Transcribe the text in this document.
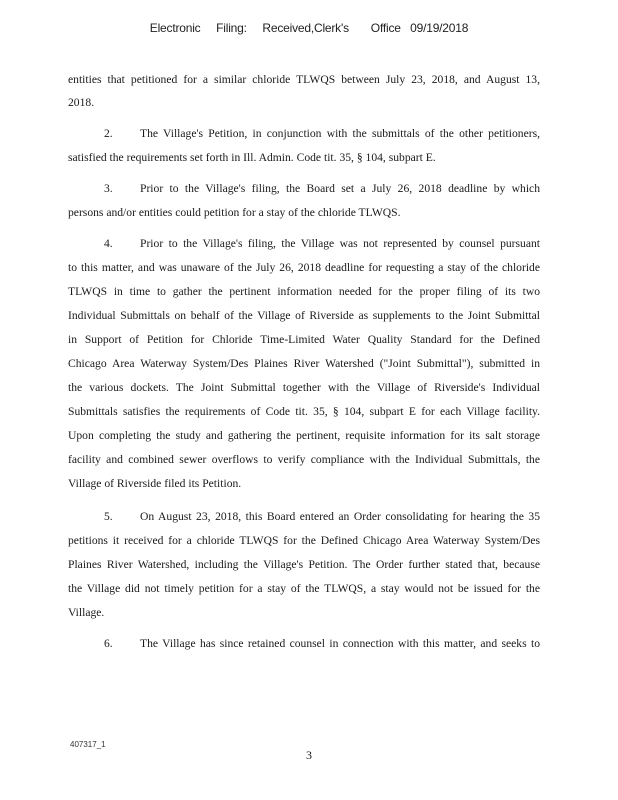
Electronic     Filing:     Received,Clerk's       Office   09/19/2018
entities that petitioned for a similar chloride TLWQS between July 23, 2018, and August 13,
2018.
2. The Village's Petition, in conjunction with the submittals of the other petitioners,
satisfied the requirements set forth in Ill. Admin. Code tit. 35, § 104, subpart E.
3. Prior to the Village's filing, the Board set a July 26, 2018 deadline by which
persons and/or entities could petition for a stay of the chloride TLWQS.
4. Prior to the Village's filing, the Village was not represented by counsel pursuant
to this matter, and was unaware of the July 26, 2018 deadline for requesting a stay of the chloride
TLWQS in time to gather the pertinent information needed for the proper filing of its two
Individual Submittals on behalf of the Village of Riverside as supplements to the Joint Submittal
in Support of Petition for Chloride Time-Limited Water Quality Standard for the Defined
Chicago Area Waterway System/Des Plaines River Watershed ("Joint Submittal"), submitted in
the various dockets. The Joint Submittal together with the Village of Riverside's Individual
Submittals satisfies the requirements of Code tit. 35, § 104, subpart E for each Village facility.
Upon completing the study and gathering the pertinent, requisite information for its salt storage
facility and combined sewer overflows to verify compliance with the Individual Submittals, the
Village of Riverside filed its Petition.
5. On August 23, 2018, this Board entered an Order consolidating for hearing the 35
petitions it received for a chloride TLWQS for the Defined Chicago Area Waterway System/Des
Plaines River Watershed, including the Village's Petition. The Order further stated that, because
the Village did not timely petition for a stay of the TLWQS, a stay would not be issued for the
Village.
6. The Village has since retained counsel in connection with this matter, and seeks to
407317_1
3
